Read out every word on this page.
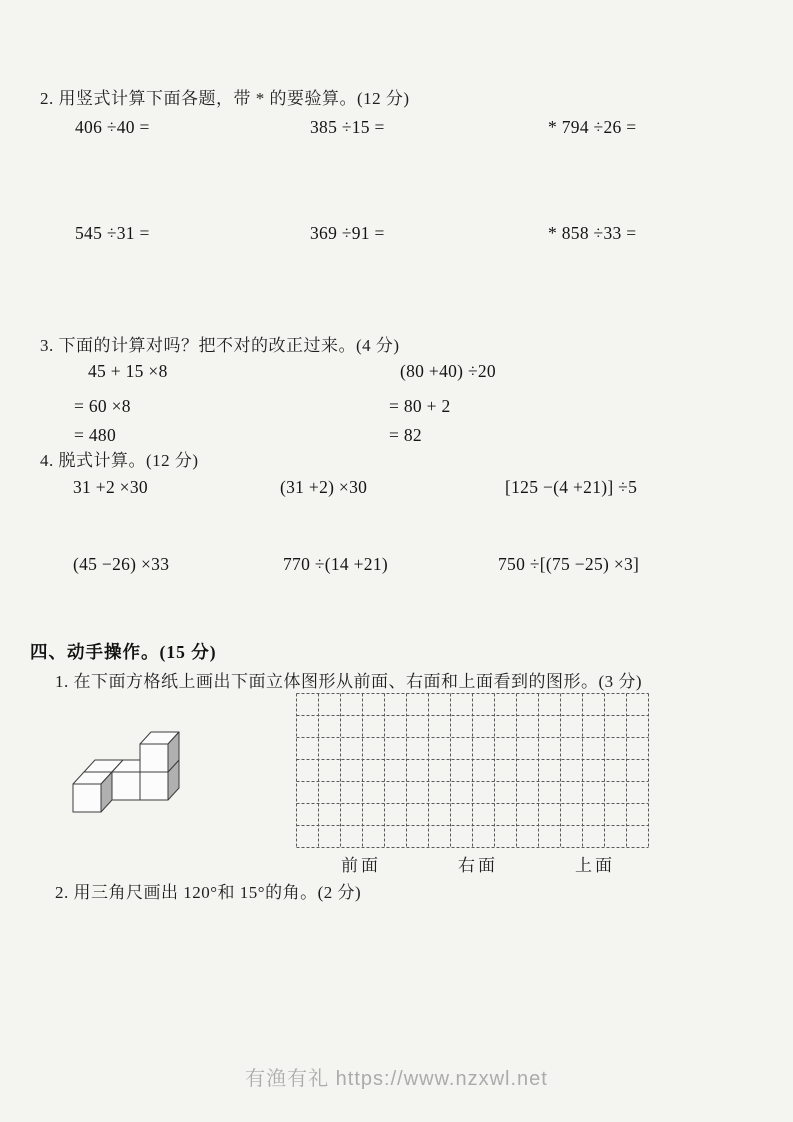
2. 用竖式计算下面各题，带 * 的要验算。(12 分)
406 ÷40 =	385 ÷15 =	* 794 ÷26 =
545 ÷31 =	369 ÷91 =	* 858 ÷33 =
3. 下面的计算对吗？把不对的改正过来。(4 分)
45 + 15 ×8
= 60 ×8
= 480
(80 +40) ÷20
= 80 + 2
= 82
4. 脱式计算。(12 分)
31 +2 ×30	(31 +2) ×30	[125 −(4 +21)] ÷5
(45 −26) ×33	770 ÷(14 +21)	750 ÷[(75 −25) ×3]
四、动手操作。(15 分)
1. 在下面方格纸上画出下面立体图形从前面、右面和上面看到的图形。(3 分)
前面	右面	上面
2. 用三角尺画出 120°和 15°的角。(2 分)
有渔有礼 https://www.nzxwl.net
